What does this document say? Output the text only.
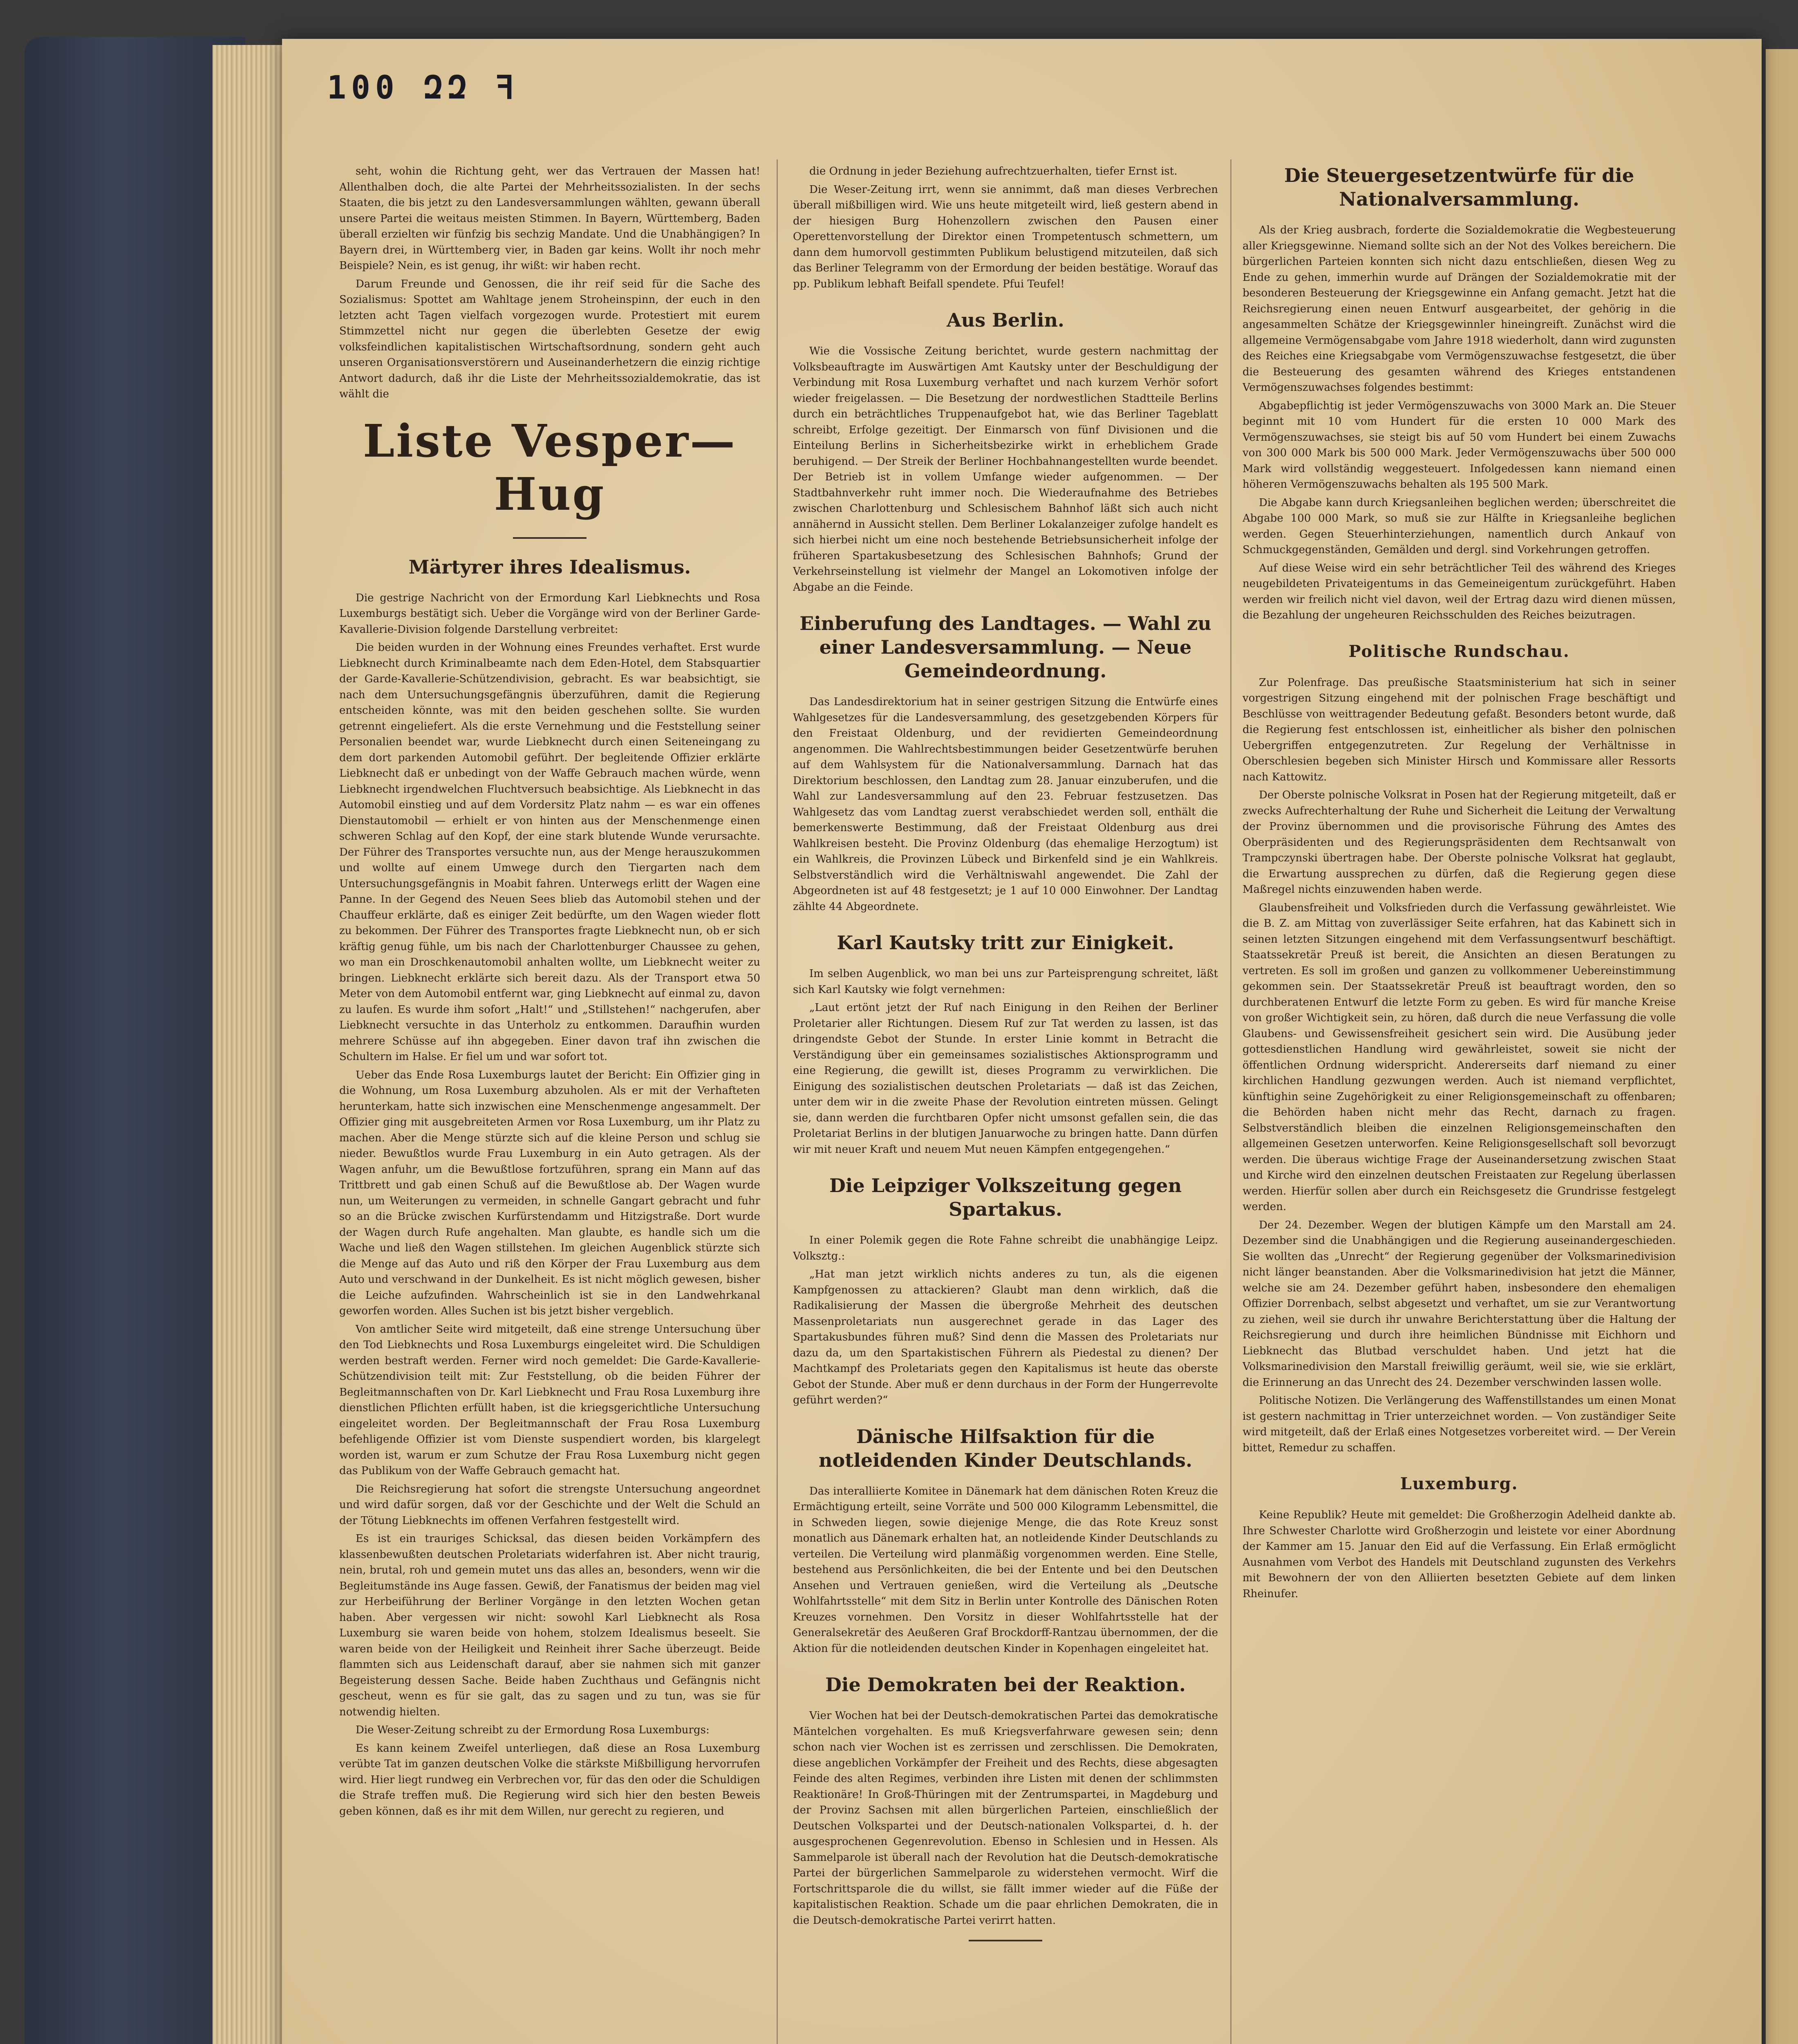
100 ԶԶ ꟻ

seht, wohin die Richtung geht, wer das Vertrauen der Massen hat! Allenthalben doch, die alte Partei der Mehrheitssozialisten. In der sechs Staaten, die bis jetzt zu den Landesversammlungen wählten, gewann überall unsere Partei die weitaus meisten Stimmen. In Bayern, Württemberg, Baden überall erzielten wir fünfzig bis sechzig Mandate. Und die Unabhängigen? In Bayern drei, in Württemberg vier, in Baden gar keins. Wollt ihr noch mehr Beispiele? Nein, es ist genug, ihr wißt: wir haben recht.

Darum Freunde und Genossen, die ihr reif seid für die Sache des Sozialismus: Spottet am Wahltage jenem Stroheinspinn, der euch in den letzten acht Tagen vielfach vorgezogen wurde. Protestiert mit eurem Stimmzettel nicht nur gegen die überlebten Gesetze der ewig volksfeindlichen kapitalistischen Wirtschaftsordnung, sondern geht auch unseren Organisationsverstörern und Auseinanderhetzern die einzig richtige Antwort dadurch, daß ihr die Liste der Mehrheitssozialdemokratie, das ist wählt die

Liste Vesper—Hug
Märtyrer ihres Idealismus.

Die gestrige Nachricht von der Ermordung Karl Liebknechts und Rosa Luxemburgs bestätigt sich. Ueber die Vorgänge wird von der Berliner Garde-Kavallerie-Division folgende Darstellung verbreitet:

Die beiden wurden in der Wohnung eines Freundes verhaftet. Erst wurde Liebknecht durch Kriminalbeamte nach dem Eden-Hotel, dem Stabsquartier der Garde-Kavallerie-Schützendivision, gebracht. Es war beabsichtigt, sie nach dem Untersuchungsgefängnis überzuführen, damit die Regierung entscheiden könnte, was mit den beiden geschehen sollte. Sie wurden getrennt eingeliefert. Als die erste Vernehmung und die Feststellung seiner Personalien beendet war, wurde Liebknecht durch einen Seiteneingang zu dem dort parkenden Automobil geführt. Der begleitende Offizier erklärte Liebknecht daß er unbedingt von der Waffe Gebrauch machen würde, wenn Liebknecht irgendwelchen Fluchtversuch beabsichtige. Als Liebknecht in das Automobil einstieg und auf dem Vordersitz Platz nahm — es war ein offenes Dienstautomobil — erhielt er von hinten aus der Menschenmenge einen schweren Schlag auf den Kopf, der eine stark blutende Wunde verursachte. Der Führer des Transportes versuchte nun, aus der Menge herauszukommen und wollte auf einem Umwege durch den Tiergarten nach dem Untersuchungsgefängnis in Moabit fahren. Unterwegs erlitt der Wagen eine Panne. In der Gegend des Neuen Sees blieb das Automobil stehen und der Chauffeur erklärte, daß es einiger Zeit bedürfte, um den Wagen wieder flott zu bekommen. Der Führer des Transportes fragte Liebknecht nun, ob er sich kräftig genug fühle, um bis nach der Charlottenburger Chaussee zu gehen, wo man ein Droschkenautomobil anhalten wollte, um Liebknecht weiter zu bringen. Liebknecht erklärte sich bereit dazu. Als der Transport etwa 50 Meter von dem Automobil entfernt war, ging Liebknecht auf einmal zu, davon zu laufen. Es wurde ihm sofort „Halt!“ und „Stillstehen!“ nachgerufen, aber Liebknecht versuchte in das Unterholz zu entkommen. Daraufhin wurden mehrere Schüsse auf ihn abgegeben. Einer davon traf ihn zwischen die Schultern im Halse. Er fiel um und war sofort tot.

Ueber das Ende Rosa Luxemburgs lautet der Bericht: Ein Offizier ging in die Wohnung, um Rosa Luxemburg abzuholen. Als er mit der Verhafteten herunterkam, hatte sich inzwischen eine Menschenmenge angesammelt. Der Offizier ging mit ausgebreiteten Armen vor Rosa Luxemburg, um ihr Platz zu machen. Aber die Menge stürzte sich auf die kleine Person und schlug sie nieder. Bewußtlos wurde Frau Luxemburg in ein Auto getragen. Als der Wagen anfuhr, um die Bewußtlose fortzuführen, sprang ein Mann auf das Trittbrett und gab einen Schuß auf die Bewußtlose ab. Der Wagen wurde nun, um Weiterungen zu vermeiden, in schnelle Gangart gebracht und fuhr so an die Brücke zwischen Kurfürstendamm und Hitzigstraße. Dort wurde der Wagen durch Rufe angehalten. Man glaubte, es handle sich um die Wache und ließ den Wagen stillstehen. Im gleichen Augenblick stürzte sich die Menge auf das Auto und riß den Körper der Frau Luxemburg aus dem Auto und verschwand in der Dunkelheit. Es ist nicht möglich gewesen, bisher die Leiche aufzufinden. Wahrscheinlich ist sie in den Landwehrkanal geworfen worden. Alles Suchen ist bis jetzt bisher vergeblich.

Von amtlicher Seite wird mitgeteilt, daß eine strenge Untersuchung über den Tod Liebknechts und Rosa Luxemburgs eingeleitet wird. Die Schuldigen werden bestraft werden. Ferner wird noch gemeldet: Die Garde-Kavallerie-Schützendivision teilt mit: Zur Feststellung, ob die beiden Führer der Begleitmannschaften von Dr. Karl Liebknecht und Frau Rosa Luxemburg ihre dienstlichen Pflichten erfüllt haben, ist die kriegsgerichtliche Untersuchung eingeleitet worden. Der Begleitmannschaft der Frau Rosa Luxemburg befehligende Offizier ist vom Dienste suspendiert worden, bis klargelegt worden ist, warum er zum Schutze der Frau Rosa Luxemburg nicht gegen das Publikum von der Waffe Gebrauch gemacht hat.

Die Reichsregierung hat sofort die strengste Untersuchung angeordnet und wird dafür sorgen, daß vor der Geschichte und der Welt die Schuld an der Tötung Liebknechts im offenen Verfahren festgestellt wird.

Es ist ein trauriges Schicksal, das diesen beiden Vorkämpfern des klassenbewußten deutschen Proletariats widerfahren ist. Aber nicht traurig, nein, brutal, roh und gemein mutet uns das alles an, besonders, wenn wir die Begleitumstände ins Auge fassen. Gewiß, der Fanatismus der beiden mag viel zur Herbeiführung der Berliner Vorgänge in den letzten Wochen getan haben. Aber vergessen wir nicht: sowohl Karl Liebknecht als Rosa Luxemburg sie waren beide von hohem, stolzem Idealismus beseelt. Sie waren beide von der Heiligkeit und Reinheit ihrer Sache überzeugt. Beide flammten sich aus Leidenschaft darauf, aber sie nahmen sich mit ganzer Begeisterung dessen Sache. Beide haben Zuchthaus und Gefängnis nicht gescheut, wenn es für sie galt, das zu sagen und zu tun, was sie für notwendig hielten.

Die Weser-Zeitung schreibt zu der Ermordung Rosa Luxemburgs:

Es kann keinem Zweifel unterliegen, daß diese an Rosa Luxemburg verübte Tat im ganzen deutschen Volke die stärkste Mißbilligung hervorrufen wird. Hier liegt rundweg ein Verbrechen vor, für das den oder die Schuldigen die Strafe treffen muß. Die Regierung wird sich hier den besten Beweis geben können, daß es ihr mit dem Willen, nur gerecht zu regieren, und

die Ordnung in jeder Beziehung aufrechtzuerhalten, tiefer Ernst ist.

Die Weser-Zeitung irrt, wenn sie annimmt, daß man dieses Verbrechen überall mißbilligen wird. Wie uns heute mitgeteilt wird, ließ gestern abend in der hiesigen Burg Hohenzollern zwischen den Pausen einer Operettenvorstellung der Direktor einen Trompetentusch schmettern, um dann dem humorvoll gestimmten Publikum belustigend mitzuteilen, daß sich das Berliner Telegramm von der Ermordung der beiden bestätige. Worauf das pp. Publikum lebhaft Beifall spendete. Pfui Teufel!

Aus Berlin.

Wie die Vossische Zeitung berichtet, wurde gestern nachmittag der Volksbeauftragte im Auswärtigen Amt Kautsky unter der Beschuldigung der Verbindung mit Rosa Luxemburg verhaftet und nach kurzem Verhör sofort wieder freigelassen. — Die Besetzung der nordwestlichen Stadtteile Berlins durch ein beträchtliches Truppenaufgebot hat, wie das Berliner Tageblatt schreibt, Erfolge gezeitigt. Der Einmarsch von fünf Divisionen und die Einteilung Berlins in Sicherheitsbezirke wirkt in erheblichem Grade beruhigend. — Der Streik der Berliner Hochbahnangestellten wurde beendet. Der Betrieb ist in vollem Umfange wieder aufgenommen. — Der Stadtbahnverkehr ruht immer noch. Die Wiederaufnahme des Betriebes zwischen Charlottenburg und Schlesischem Bahnhof läßt sich auch nicht annähernd in Aussicht stellen. Dem Berliner Lokalanzeiger zufolge handelt es sich hierbei nicht um eine noch bestehende Betriebsunsicherheit infolge der früheren Spartakusbesetzung des Schlesischen Bahnhofs; Grund der Verkehrseinstellung ist vielmehr der Mangel an Lokomotiven infolge der Abgabe an die Feinde.

Einberufung des Landtages. — Wahl zu einer Landesversammlung. — Neue Gemeindeordnung.

Das Landesdirektorium hat in seiner gestrigen Sitzung die Entwürfe eines Wahlgesetzes für die Landesversammlung, des gesetzgebenden Körpers für den Freistaat Oldenburg, und der revidierten Gemeindeordnung angenommen. Die Wahlrechtsbestimmungen beider Gesetzentwürfe beruhen auf dem Wahlsystem für die Nationalversammlung. Darnach hat das Direktorium beschlossen, den Landtag zum 28. Januar einzuberufen, und die Wahl zur Landesversammlung auf den 23. Februar festzusetzen. Das Wahlgesetz das vom Landtag zuerst verabschiedet werden soll, enthält die bemerkenswerte Bestimmung, daß der Freistaat Oldenburg aus drei Wahlkreisen besteht. Die Provinz Oldenburg (das ehemalige Herzogtum) ist ein Wahlkreis, die Provinzen Lübeck und Birkenfeld sind je ein Wahlkreis. Selbstverständlich wird die Verhältniswahl angewendet. Die Zahl der Abgeordneten ist auf 48 festgesetzt; je 1 auf 10 000 Einwohner. Der Landtag zählte 44 Abgeordnete.

Karl Kautsky tritt zur Einigkeit.

Im selben Augenblick, wo man bei uns zur Parteisprengung schreitet, läßt sich Karl Kautsky wie folgt vernehmen:

„Laut ertönt jetzt der Ruf nach Einigung in den Reihen der Berliner Proletarier aller Richtungen. Diesem Ruf zur Tat werden zu lassen, ist das dringendste Gebot der Stunde. In erster Linie kommt in Betracht die Verständigung über ein gemeinsames sozialistisches Aktionsprogramm und eine Regierung, die gewillt ist, dieses Programm zu verwirklichen. Die Einigung des sozialistischen deutschen Proletariats — daß ist das Zeichen, unter dem wir in die zweite Phase der Revolution eintreten müssen. Gelingt sie, dann werden die furchtbaren Opfer nicht umsonst gefallen sein, die das Proletariat Berlins in der blutigen Januarwoche zu bringen hatte. Dann dürfen wir mit neuer Kraft und neuem Mut neuen Kämpfen entgegengehen.“

Die Leipziger Volkszeitung gegen Spartakus.

In einer Polemik gegen die Rote Fahne schreibt die unabhängige Leipz. Volksztg.:

„Hat man jetzt wirklich nichts anderes zu tun, als die eigenen Kampfgenossen zu attackieren? Glaubt man denn wirklich, daß die Radikalisierung der Massen die übergroße Mehrheit des deutschen Massenproletariats nun ausgerechnet gerade in das Lager des Spartakusbundes führen muß? Sind denn die Massen des Proletariats nur dazu da, um den Spartakistischen Führern als Piedestal zu dienen? Der Machtkampf des Proletariats gegen den Kapitalismus ist heute das oberste Gebot der Stunde. Aber muß er denn durchaus in der Form der Hungerrevolte geführt werden?“

Dänische Hilfsaktion für die notleidenden Kinder Deutschlands.

Das interalliierte Komitee in Dänemark hat dem dänischen Roten Kreuz die Ermächtigung erteilt, seine Vorräte und 500 000 Kilogramm Lebensmittel, die in Schweden liegen, sowie diejenige Menge, die das Rote Kreuz sonst monatlich aus Dänemark erhalten hat, an notleidende Kinder Deutschlands zu verteilen. Die Verteilung wird planmäßig vorgenommen werden. Eine Stelle, bestehend aus Persönlichkeiten, die bei der Entente und bei den Deutschen Ansehen und Vertrauen genießen, wird die Verteilung als „Deutsche Wohlfahrtsstelle“ mit dem Sitz in Berlin unter Kontrolle des Dänischen Roten Kreuzes vornehmen. Den Vorsitz in dieser Wohlfahrtsstelle hat der Generalsekretär des Aeußeren Graf Brockdorff-Rantzau übernommen, der die Aktion für die notleidenden deutschen Kinder in Kopenhagen eingeleitet hat.

Die Demokraten bei der Reaktion.

Vier Wochen hat bei der Deutsch-demokratischen Partei das demokratische Mäntelchen vorgehalten. Es muß Kriegsverfahrware gewesen sein; denn schon nach vier Wochen ist es zerrissen und zerschlissen. Die Demokraten, diese angeblichen Vorkämpfer der Freiheit und des Rechts, diese abgesagten Feinde des alten Regimes, verbinden ihre Listen mit denen der schlimmsten Reaktionäre! In Groß-Thüringen mit der Zentrumspartei, in Magdeburg und der Provinz Sachsen mit allen bürgerlichen Parteien, einschließlich der Deutschen Volkspartei und der Deutsch-nationalen Volkspartei, d. h. der ausgesprochenen Gegenrevolution. Ebenso in Schlesien und in Hessen. Als Sammelparole ist überall nach der Revolution hat die Deutsch-demokratische Partei der bürgerlichen Sammelparole zu widerstehen vermocht. Wirf die Fortschrittsparole die du willst, sie fällt immer wieder auf die Füße der kapitalistischen Reaktion. Schade um die paar ehrlichen Demokraten, die in die Deutsch-demokratische Partei verirrt hatten.

Die Steuergesetzentwürfe für die Nationalversammlung.

Als der Krieg ausbrach, forderte die Sozialdemokratie die Wegbesteuerung aller Kriegsgewinne. Niemand sollte sich an der Not des Volkes bereichern. Die bürgerlichen Parteien konnten sich nicht dazu entschließen, diesen Weg zu Ende zu gehen, immerhin wurde auf Drängen der Sozialdemokratie mit der besonderen Besteuerung der Kriegsgewinne ein Anfang gemacht. Jetzt hat die Reichsregierung einen neuen Entwurf ausgearbeitet, der gehörig in die angesammelten Schätze der Kriegsgewinnler hineingreift. Zunächst wird die allgemeine Vermögensabgabe vom Jahre 1918 wiederholt, dann wird zugunsten des Reiches eine Kriegsabgabe vom Vermögenszuwachse festgesetzt, die über die Besteuerung des gesamten während des Krieges entstandenen Vermögenszuwachses folgendes bestimmt:

Abgabepflichtig ist jeder Vermögenszuwachs von 3000 Mark an. Die Steuer beginnt mit 10 vom Hundert für die ersten 10 000 Mark des Vermögenszuwachses, sie steigt bis auf 50 vom Hundert bei einem Zuwachs von 300 000 Mark bis 500 000 Mark. Jeder Vermögenszuwachs über 500 000 Mark wird vollständig weggesteuert. Infolgedessen kann niemand einen höheren Vermögenszuwachs behalten als 195 500 Mark.

Die Abgabe kann durch Kriegsanleihen beglichen werden; überschreitet die Abgabe 100 000 Mark, so muß sie zur Hälfte in Kriegsanleihe beglichen werden. Gegen Steuerhinterziehungen, namentlich durch Ankauf von Schmuckgegenständen, Gemälden und dergl. sind Vorkehrungen getroffen.

Auf diese Weise wird ein sehr beträchtlicher Teil des während des Krieges neugebildeten Privateigentums in das Gemeineigentum zurückgeführt. Haben werden wir freilich nicht viel davon, weil der Ertrag dazu wird dienen müssen, die Bezahlung der ungeheuren Reichsschulden des Reiches beizutragen.

Politische Rundschau.

Zur Polenfrage. Das preußische Staatsministerium hat sich in seiner vorgestrigen Sitzung eingehend mit der polnischen Frage beschäftigt und Beschlüsse von weittragender Bedeutung gefaßt. Besonders betont wurde, daß die Regierung fest entschlossen ist, einheitlicher als bisher den polnischen Uebergriffen entgegenzutreten. Zur Regelung der Verhältnisse in Oberschlesien begeben sich Minister Hirsch und Kommissare aller Ressorts nach Kattowitz.

Der Oberste polnische Volksrat in Posen hat der Regierung mitgeteilt, daß er zwecks Aufrechterhaltung der Ruhe und Sicherheit die Leitung der Verwaltung der Provinz übernommen und die provisorische Führung des Amtes des Oberpräsidenten und des Regierungspräsidenten dem Rechtsanwalt von Trampczynski übertragen habe. Der Oberste polnische Volksrat hat geglaubt, die Erwartung aussprechen zu dürfen, daß die Regierung gegen diese Maßregel nichts einzuwenden haben werde.

Glaubensfreiheit und Volksfrieden durch die Verfassung gewährleistet. Wie die B. Z. am Mittag von zuverlässiger Seite erfahren, hat das Kabinett sich in seinen letzten Sitzungen eingehend mit dem Verfassungsentwurf beschäftigt. Staatssekretär Preuß ist bereit, die Ansichten an diesen Beratungen zu vertreten. Es soll im großen und ganzen zu vollkommener Uebereinstimmung gekommen sein. Der Staatssekretär Preuß ist beauftragt worden, den so durchberatenen Entwurf die letzte Form zu geben. Es wird für manche Kreise von großer Wichtigkeit sein, zu hören, daß durch die neue Verfassung die volle Glaubens- und Gewissensfreiheit gesichert sein wird. Die Ausübung jeder gottesdienstlichen Handlung wird gewährleistet, soweit sie nicht der öffentlichen Ordnung widerspricht. Andererseits darf niemand zu einer kirchlichen Handlung gezwungen werden. Auch ist niemand verpflichtet, künftighin seine Zugehörigkeit zu einer Religionsgemeinschaft zu offenbaren; die Behörden haben nicht mehr das Recht, darnach zu fragen. Selbstverständlich bleiben die einzelnen Religionsgemeinschaften den allgemeinen Gesetzen unterworfen. Keine Religionsgesellschaft soll bevorzugt werden. Die überaus wichtige Frage der Auseinandersetzung zwischen Staat und Kirche wird den einzelnen deutschen Freistaaten zur Regelung überlassen werden. Hierfür sollen aber durch ein Reichsgesetz die Grundrisse festgelegt werden.

Der 24. Dezember. Wegen der blutigen Kämpfe um den Marstall am 24. Dezember sind die Unabhängigen und die Regierung auseinandergeschieden. Sie wollten das „Unrecht“ der Regierung gegenüber der Volksmarinedivision nicht länger beanstanden. Aber die Volksmarinedivision hat jetzt die Männer, welche sie am 24. Dezember geführt haben, insbesondere den ehemaligen Offizier Dorrenbach, selbst abgesetzt und verhaftet, um sie zur Verantwortung zu ziehen, weil sie durch ihr unwahre Berichterstattung über die Haltung der Reichsregierung und durch ihre heimlichen Bündnisse mit Eichhorn und Liebknecht das Blutbad verschuldet haben. Und jetzt hat die Volksmarinedivision den Marstall freiwillig geräumt, weil sie, wie sie erklärt, die Erinnerung an das Unrecht des 24. Dezember verschwinden lassen wolle.

Politische Notizen. Die Verlängerung des Waffenstillstandes um einen Monat ist gestern nachmittag in Trier unterzeichnet worden. — Von zuständiger Seite wird mitgeteilt, daß der Erlaß eines Notgesetzes vorbereitet wird. — Der Verein bittet, Remedur zu schaffen.

Luxemburg.

Keine Republik? Heute mit gemeldet: Die Großherzogin Adelheid dankte ab. Ihre Schwester Charlotte wird Großherzogin und leistete vor einer Abordnung der Kammer am 15. Januar den Eid auf die Verfassung. Ein Erlaß ermöglicht Ausnahmen vom Verbot des Handels mit Deutschland zugunsten des Verkehrs mit Bewohnern der von den Alliierten besetzten Gebiete auf dem linken Rheinufer.
